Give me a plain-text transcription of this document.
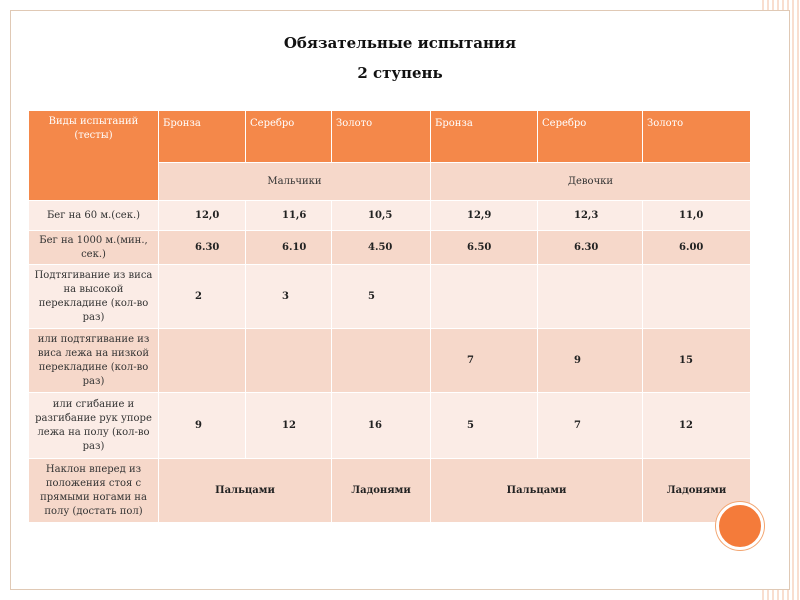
Обязательные испытания
2 ступень
Виды испытаний (тесты)	Бронза	Серебро	Золото	Бронза	Серебро	Золото
	Мальчики			Девочки		
Бег на 60 м.(сек.)	12,0	11,6	10,5	12,9	12,3	11,0
Бег на 1000 м.(мин., сек.)	6.30	6.10	4.50	6.50	6.30	6.00
Подтягивание из виса на высокой перекладине (кол-во раз)	2	3	5			
или подтягивание из виса лежа на низкой перекладине (кол-во раз)				7	9	15
или сгибание и разгибание рук упоре лежа на полу (кол-во раз)	9	12	16	5	7	12
Наклон вперед из положения стоя с прямыми ногами на полу (достать пол)	Пальцами		Ладонями	Пальцами		Ладонями
